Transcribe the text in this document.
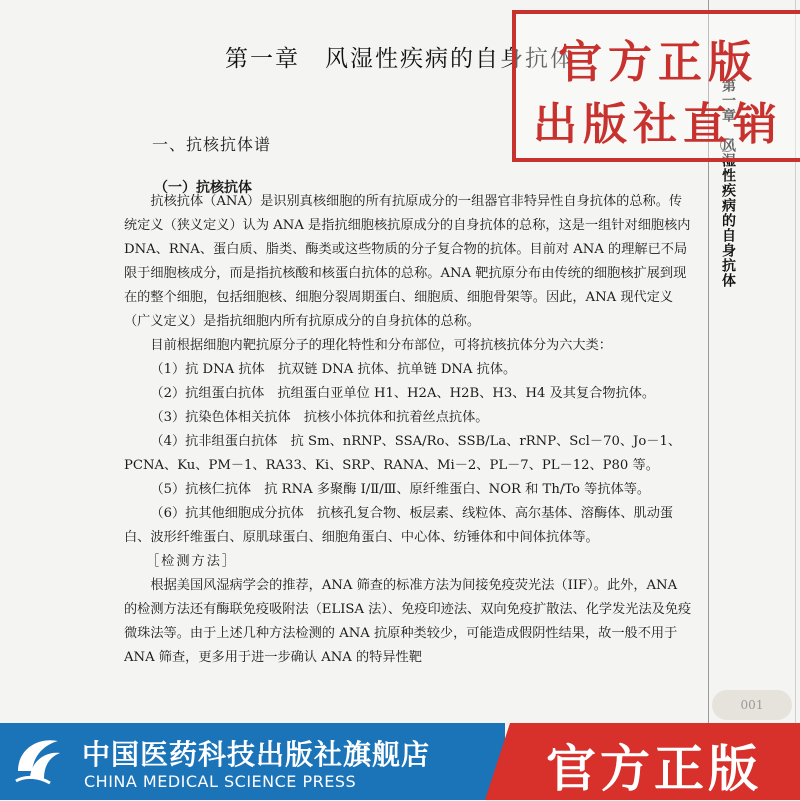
第一章　风湿性疾病的自身抗体
一、抗核抗体谱
（一）抗核抗体

抗核抗体（ANA）是识别真核细胞的所有抗原成分的一组器官非特异性自身抗体的总称。传统定义（狭义定义）认为 ANA 是指抗细胞核抗原成分的自身抗体的总称，这是一组针对细胞核内 DNA、RNA、蛋白质、脂类、酶类或这些物质的分子复合物的抗体。目前对 ANA 的理解已不局限于细胞核成分，而是指抗核酸和核蛋白抗体的总称。ANA 靶抗原分布由传统的细胞核扩展到现在的整个细胞，包括细胞核、细胞分裂周期蛋白、细胞质、细胞骨架等。因此，ANA 现代定义（广义定义）是指抗细胞内所有抗原成分的自身抗体的总称。

目前根据细胞内靶抗原分子的理化特性和分布部位，可将抗核抗体分为六大类：

（1）抗 DNA 抗体　抗双链 DNA 抗体、抗单链 DNA 抗体。

（2）抗组蛋白抗体　抗组蛋白亚单位 H1、H2A、H2B、H3、H4 及其复合物抗体。

（3）抗染色体相关抗体　抗核小体抗体和抗着丝点抗体。

（4）抗非组蛋白抗体　抗 Sm、nRNP、SSA/Ro、SSB/La、rRNP、Scl－70、Jo－1、PCNA、Ku、PM－1、RA33、Ki、SRP、RANA、Mi－2、PL－7、PL－12、P80 等。

（5）抗核仁抗体　抗 RNA 多聚酶 Ⅰ/Ⅱ/Ⅲ、原纤维蛋白、NOR 和 Th/To 等抗体等。

（6）抗其他细胞成分抗体　抗核孔复合物、板层素、线粒体、高尔基体、溶酶体、肌动蛋白、波形纤维蛋白、原肌球蛋白、细胞角蛋白、中心体、纺锤体和中间体抗体等。

［检测方法］

根据美国风湿病学会的推荐，ANA 筛查的标准方法为间接免疫荧光法（IIF）。此外，ANA 的检测方法还有酶联免疫吸附法（ELISA 法）、免疫印迹法、双向免疫扩散法、化学发光法及免疫微珠法等。由于上述几种方法检测的 ANA 抗原种类较少，可能造成假阴性结果，故一般不用于 ANA 筛查，更多用于进一步确认 ANA 的特异性靶

第一章　风湿性疾病的自身抗体
001
官方正版
出版社直销
中国医药科技出版社旗舰店
CHINA MEDICAL SCIENCE PRESS	官方正版
